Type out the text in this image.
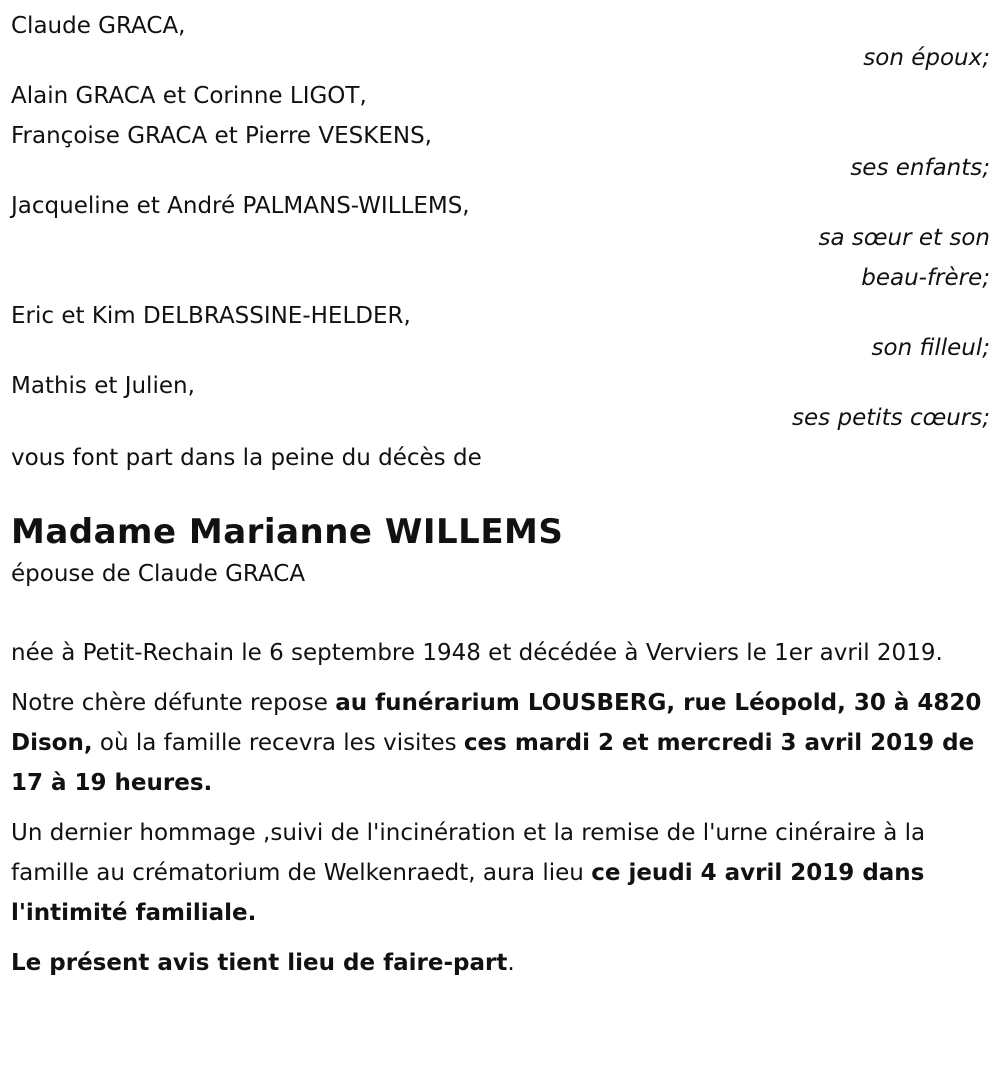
Claude GRACA,
son époux;
Alain GRACA et Corinne LIGOT,
Françoise GRACA et Pierre VESKENS,
ses enfants;
Jacqueline et André PALMANS-WILLEMS,
sa sœur et son
beau-frère;
Eric et Kim DELBRASSINE-HELDER,
son filleul;
Mathis et Julien,
ses petits cœurs;

vous font part dans la peine du décès de

Madame Marianne WILLEMS

épouse de Claude GRACA

née à Petit-Rechain le 6 septembre 1948 et décédée à Verviers le 1er avril 2019.

Notre chère défunte repose au funérarium LOUSBERG, rue Léopold, 30 à 4820 Dison, où la famille recevra les visites ces mardi 2 et mercredi 3 avril 2019 de 17 à 19 heures.

Un dernier hommage ,suivi de l'incinération et la remise de l'urne cinéraire à la famille au crématorium de Welkenraedt, aura lieu ce jeudi 4 avril 2019 dans l'intimité familiale.

Le présent avis tient lieu de faire-part.
